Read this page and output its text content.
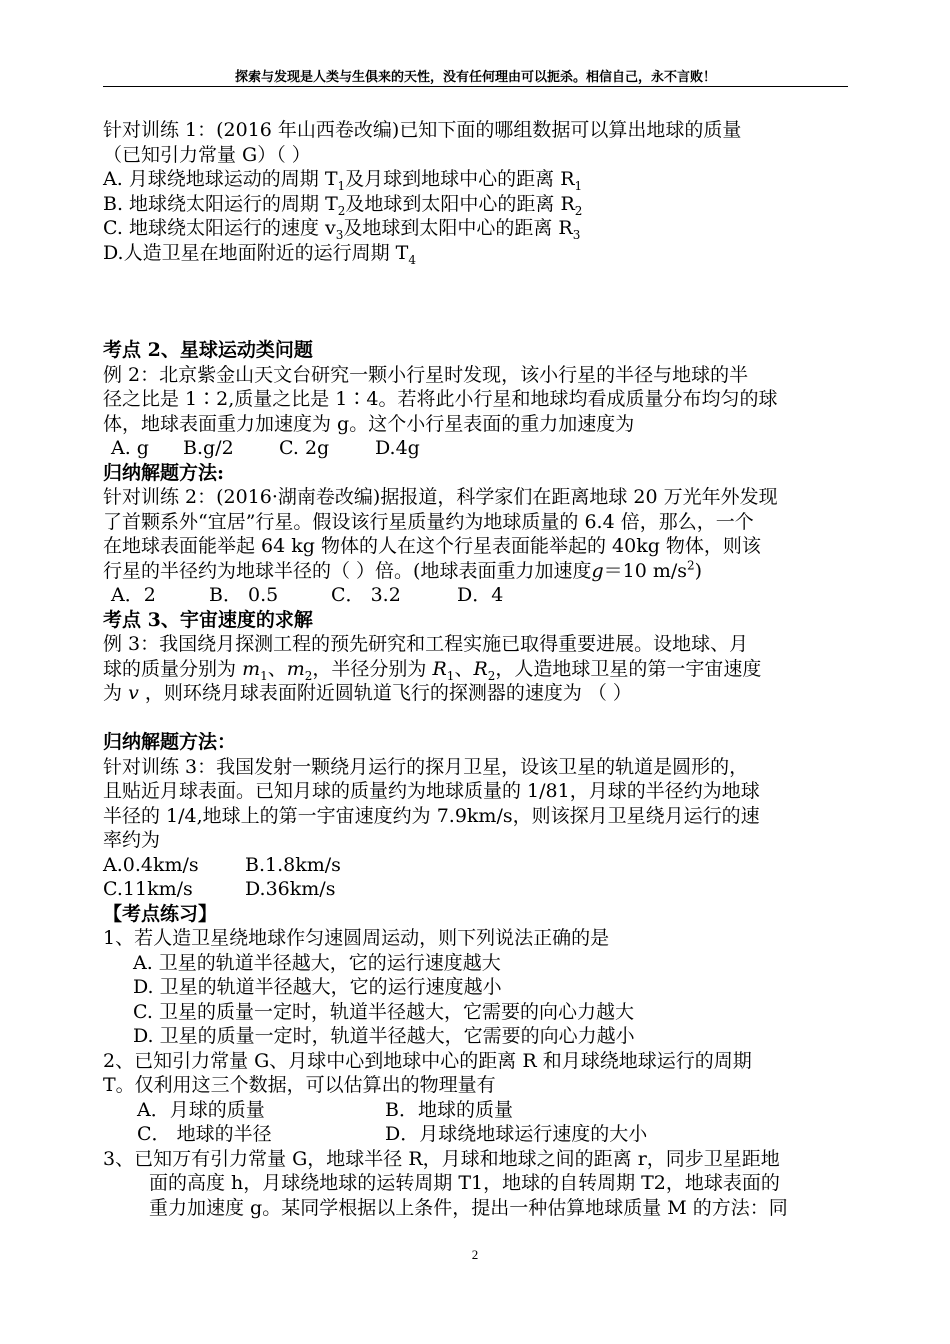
探索与发现是人类与生俱来的天性，没有任何理由可以扼杀。相信自己，永不言败！
针对训练 1：(2016 年山西卷改编)已知下面的哪组数据可以算出地球的质量
（已知引力常量 G）（ ）
A. 月球绕地球运动的周期 $T_1$及月球到地球中心的距离 $R_1$
B. 地球绕太阳运行的周期 $T_2$及地球到太阳中心的距离 $R_2$
C. 地球绕太阳运行的速度 $v_3$及地球到太阳中心的距离 $R_3$
D.人造卫星在地面附近的运行周期 $T_4$
考点 2、星球运动类问题
例 2：北京紫金山天文台研究一颗小行星时发现，该小行星的半径与地球的半
径之比是 1∶2,质量之比是 1∶4。若将此小行星和地球均看成质量分布均匀的球
体，地球表面重力加速度为 g。这个小行星表面的重力加速度为
A. g B.g/2 C. 2g D.4g
归纳解题方法:
针对训练 2：(2016·湖南卷改编)据报道，科学家们在距离地球 20 万光年外发现
了首颗系外“宜居”行星。假设该行星质量约为地球质量的 6.4 倍，那么，一个
在地球表面能举起 64 kg 物体的人在这个行星表面能举起的 40kg 物体，则该
行星的半径约为地球半径的（ ）倍。(地球表面重力加速度g＝10 $m/s^2$)
A．2	B． 0.5	C． 3.2	D．4
考点 3、宇宙速度的求解
例 3：我国绕月探测工程的预先研究和工程实施已取得重要进展。设地球、月
球的质量分别为 $m_1$、$m_2$，半径分别为 $R_1$、$R_2$，人造地球卫星的第一宇宙速度
为 v ，则环绕月球表面附近圆轨道飞行的探测器的速度为 （ ）
归纳解题方法：
针对训练 3：我国发射一颗绕月运行的探月卫星，设该卫星的轨道是圆形的，
且贴近月球表面。已知月球的质量约为地球质量的 1/81，月球的半径约为地球
半径的 1/4,地球上的第一宇宙速度约为 7.9km/s，则该探月卫星绕月运行的速
率约为
A.0.4km/s B.1.8km/s
C.11km/s	D.36km/s
【考点练习】
1、若人造卫星绕地球作匀速圆周运动，则下列说法正确的是
A. 卫星的轨道半径越大，它的运行速度越大
D. 卫星的轨道半径越大，它的运行速度越小
C. 卫星的质量一定时，轨道半径越大，它需要的向心力越大
D. 卫星的质量一定时，轨道半径越大，它需要的向心力越小
2、已知引力常量 G、月球中心到地球中心的距离 R 和月球绕地球运行的周期
T。仅利用这三个数据，可以估算出的物理量有
A．月球的质量	B．地球的质量
C． 地球的半径	D．月球绕地球运行速度的大小
3、已知万有引力常量 G，地球半径 R，月球和地球之间的距离 r，同步卫星距地
面的高度 h，月球绕地球的运转周期 T1，地球的自转周期 T2，地球表面的
重力加速度 g。某同学根据以上条件，提出一种估算地球质量 M 的方法：同
2
